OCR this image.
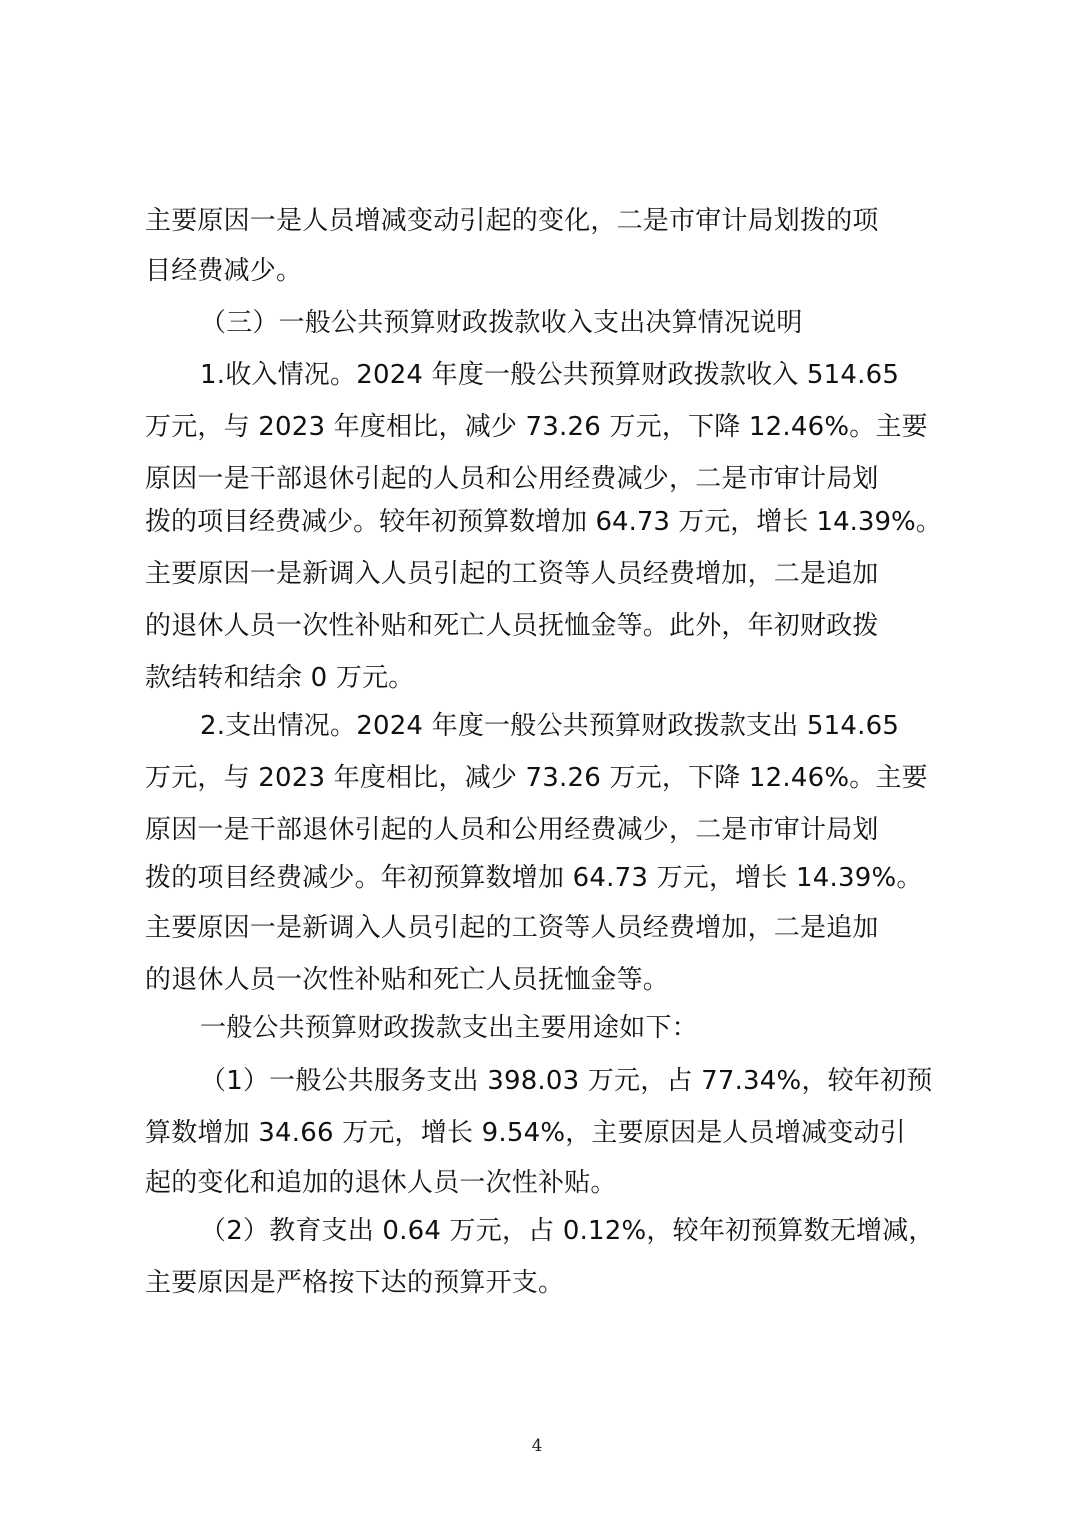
主要原因一是人员增减变动引起的变化，二是市审计局划拨的项
目经费减少。
（三）一般公共预算财政拨款收入支出决算情况说明
1.收入情况。2024 年度一般公共预算财政拨款收入 514.65
万元，与 2023 年度相比，减少 73.26 万元，下降 12.46%。主要
原因一是干部退休引起的人员和公用经费减少，二是市审计局划
拨的项目经费减少。较年初预算数增加 64.73 万元，增长 14.39%。
主要原因一是新调入人员引起的工资等人员经费增加，二是追加
的退休人员一次性补贴和死亡人员抚恤金等。此外，年初财政拨
款结转和结余 0 万元。
2.支出情况。2024 年度一般公共预算财政拨款支出 514.65
万元，与 2023 年度相比，减少 73.26 万元，下降 12.46%。主要
原因一是干部退休引起的人员和公用经费减少，二是市审计局划
拨的项目经费减少。年初预算数增加 64.73 万元，增长 14.39%。
主要原因一是新调入人员引起的工资等人员经费增加，二是追加
的退休人员一次性补贴和死亡人员抚恤金等。
一般公共预算财政拨款支出主要用途如下：
（1）一般公共服务支出 398.03 万元，占 77.34%，较年初预
算数增加 34.66 万元，增长 9.54%，主要原因是人员增减变动引
起的变化和追加的退休人员一次性补贴。
（2）教育支出 0.64 万元，占 0.12%，较年初预算数无增减，
主要原因是严格按下达的预算开支。
4
